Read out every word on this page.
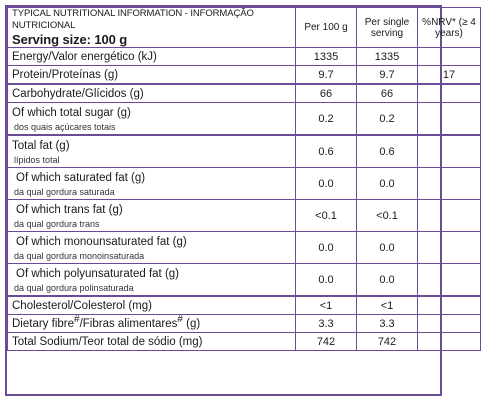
TYPICAL NUTRITIONAL INFORMATION - INFORMAÇÃO NUTRICIONAL
Serving size: 100 g	Per 100 g	Per single serving	%NRV* (≥ 4 years)
Energy/Valor energético (kJ)	1335	1335	
Protein/Proteínas (g)	9.7	9.7	17
Carbohydrate/Glícidos (g)	66	66	
Of which total sugar (g)
dos quais açúcares totais	0.2	0.2	
Total fat (g)
lípidos total	0.6	0.6	
Of which saturated fat (g)
da qual gordura saturada	0.0	0.0	
Of which trans fat (g)
da qual gordura trans	<0.1	<0.1	
Of which monounsaturated fat (g)
da qual gordura monoinsaturada	0.0	0.0	
Of which polyunsaturated fat (g)
da qual gordura polinsaturada	0.0	0.0	
Cholesterol/Colesterol (mg)	<1	<1	
Dietary fibre#/Fibras alimentares# (g)	3.3	3.3	
Total Sodium/Teor total de sódio (mg)	742	742	
